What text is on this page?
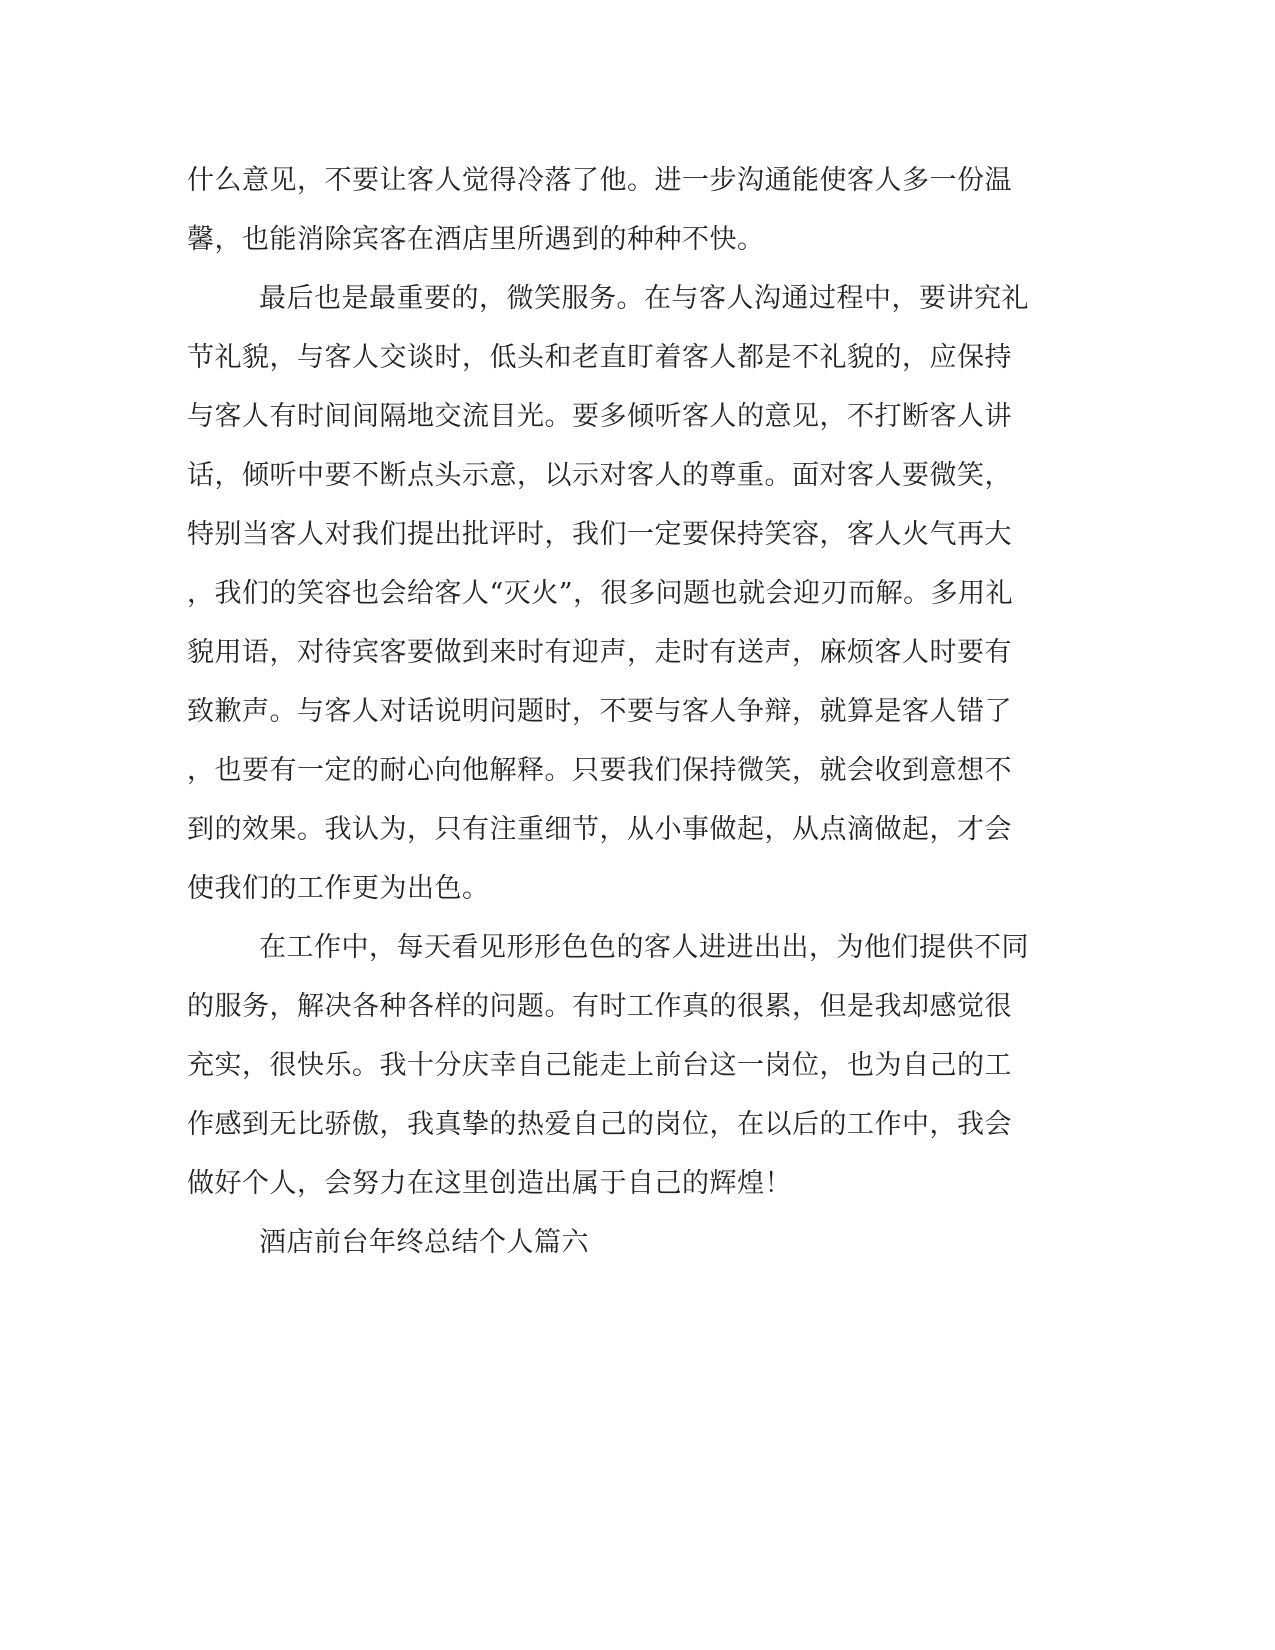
什么意见，不要让客人觉得冷落了他。进一步沟通能使客人多一份温
馨，也能消除宾客在酒店里所遇到的种种不快。
最后也是最重要的，微笑服务。在与客人沟通过程中，要讲究礼
节礼貌，与客人交谈时，低头和老直盯着客人都是不礼貌的，应保持
与客人有时间间隔地交流目光。要多倾听客人的意见，不打断客人讲
话，倾听中要不断点头示意，以示对客人的尊重。面对客人要微笑，
特别当客人对我们提出批评时，我们一定要保持笑容，客人火气再大
，我们的笑容也会给客人“灭火”，很多问题也就会迎刃而解。多用礼
貌用语，对待宾客要做到来时有迎声，走时有送声，麻烦客人时要有
致歉声。与客人对话说明问题时，不要与客人争辩，就算是客人错了
，也要有一定的耐心向他解释。只要我们保持微笑，就会收到意想不
到的效果。我认为，只有注重细节，从小事做起，从点滴做起，才会
使我们的工作更为出色。
在工作中，每天看见形形色色的客人进进出出，为他们提供不同
的服务，解决各种各样的问题。有时工作真的很累，但是我却感觉很
充实，很快乐。我十分庆幸自己能走上前台这一岗位，也为自己的工
作感到无比骄傲，我真挚的热爱自己的岗位，在以后的工作中，我会
做好个人，会努力在这里创造出属于自己的辉煌！
酒店前台年终总结个人篇六
